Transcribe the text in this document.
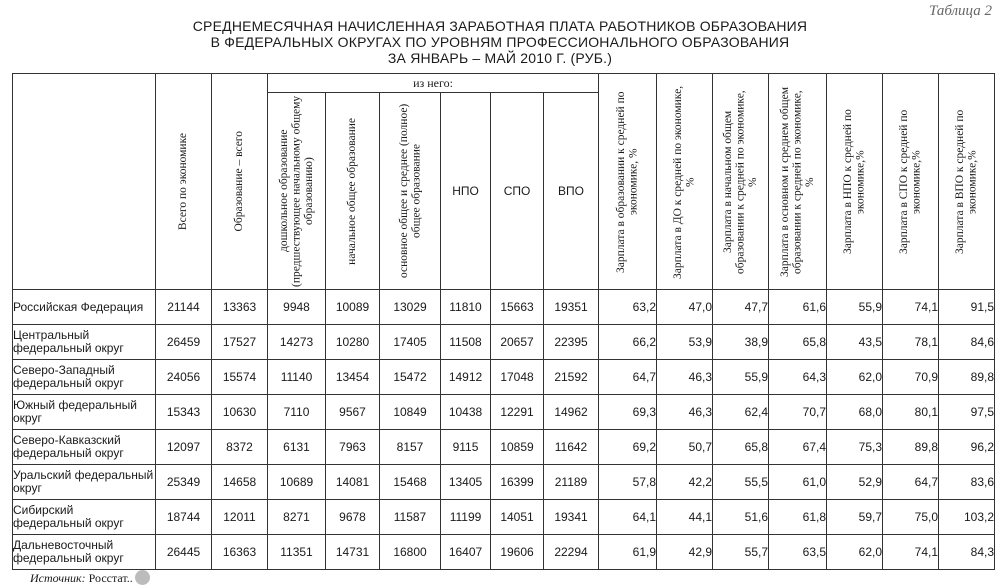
Таблица 2
СРЕДНЕМЕСЯЧНАЯ НАЧИСЛЕННАЯ ЗАРАБОТНАЯ ПЛАТА РАБОТНИКОВ ОБРАЗОВАНИЯ
В ФЕДЕРАЛЬНЫХ ОКРУГАХ ПО УРОВНЯМ ПРОФЕССИОНАЛЬНОГО ОБРАЗОВАНИЯ
ЗА ЯНВАРЬ – МАЙ 2010 Г. (РУБ.)

	Всего по экономике	Образование – всего	из него:						Зарплата в образовании к средней по экономике, %	Зарплата в ДО к средней по экономике, %	Зарплата в начальном общем образовании к средней по экономике, %	Зарплата в основном и среднем общем образовании к средней по экономике, %	Зарплата в НПО к средней по экономике,%	Зарплата в СПО к средней по экономике,%	Зарплата в ВПО к средней по экономике,%

			дошкольное образование (предшествующее начальному общему образованию)	начальное общее образование	основное общее и среднее (полное) общее образование	НПО	СПО	ВПО							
Российская Федерация	21144	13363	9948	10089	13029	11810	15663	19351	63,2	47,0	47,7	61,6	55,9	74,1	91,5
Центральный федеральный округ	26459	17527	14273	10280	17405	11508	20657	22395	66,2	53,9	38,9	65,8	43,5	78,1	84,6
Северо-Западный федеральный округ	24056	15574	11140	13454	15472	14912	17048	21592	64,7	46,3	55,9	64,3	62,0	70,9	89,8
Южный федеральный округ	15343	10630	7110	9567	10849	10438	12291	14962	69,3	46,3	62,4	70,7	68,0	80,1	97,5
Северо-Кавказский федеральный округ	12097	8372	6131	7963	8157	9115	10859	11642	69,2	50,7	65,8	67,4	75,3	89,8	96,2
Уральский федеральный округ	25349	14658	10689	14081	15468	13405	16399	21189	57,8	42,2	55,5	61,0	52,9	64,7	83,6
Сибирский федеральный округ	18744	12011	8271	9678	11587	11199	14051	19341	64,1	44,1	51,6	61,8	59,7	75,0	103,2
Дальневосточный федеральный округ	26445	16363	11351	14731	16800	16407	19606	22294	61,9	42,9	55,7	63,5	62,0	74,1	84,3
Источник: Росстат..
